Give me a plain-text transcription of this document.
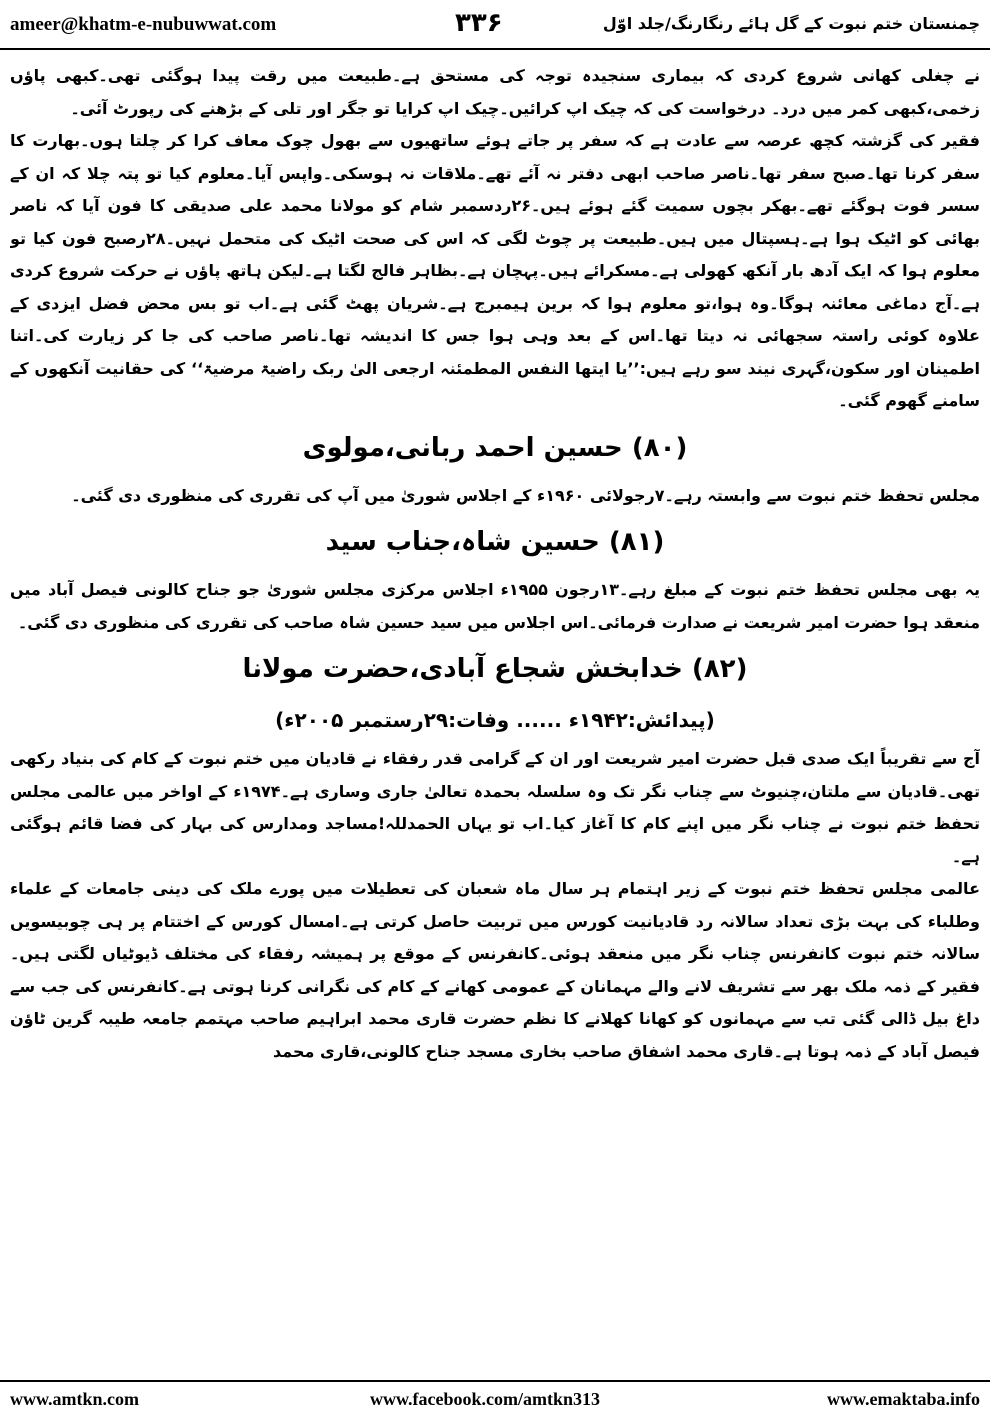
ameer@khatm-e-nubuwwat.com	۳۳۶	چمنستان ختم نبوت کے گل ہائے رنگارنگ/جلد اوّل

نے چغلی کھانی شروع کردی کہ بیماری سنجیدہ توجہ کی مستحق ہے۔طبیعت میں رقت پیدا ہوگئی تھی۔کبھی پاؤں زخمی،کبھی کمر میں درد۔ درخواست کی کہ چیک اپ کرائیں۔چیک اپ کرایا تو جگر اور تلی کے بڑھنے کی رپورٹ آئی۔

فقیر کی گزشتہ کچھ عرصہ سے عادت ہے کہ سفر پر جاتے ہوئے ساتھیوں سے بھول چوک معاف کرا کر چلتا ہوں۔بھارت کا سفر کرنا تھا۔صبح سفر تھا۔ناصر صاحب ابھی دفتر نہ آئے تھے۔ملاقات نہ ہوسکی۔واپس آیا۔معلوم کیا تو پتہ چلا کہ ان کے سسر فوت ہوگئے تھے۔بھکر بچوں سمیت گئے ہوئے ہیں۔۲۶ردسمبر شام کو مولانا محمد علی صدیقی کا فون آیا کہ ناصر بھائی کو اٹیک ہوا ہے۔ہسپتال میں ہیں۔طبیعت پر چوٹ لگی کہ اس کی صحت اٹیک کی متحمل نہیں۔۲۸رصبح فون کیا تو معلوم ہوا کہ ایک آدھ بار آنکھ کھولی ہے۔مسکرائے ہیں۔پہچان ہے۔بظاہر فالج لگتا ہے۔لیکن ہاتھ پاؤں نے حرکت شروع کردی ہے۔آج دماغی معائنہ ہوگا۔وہ ہوا،تو معلوم ہوا کہ برین ہیمبرج ہے۔شریان پھٹ گئی ہے۔اب تو بس محض فضل ایزدی کے علاوہ کوئی راستہ سجھائی نہ دیتا تھا۔اس کے بعد وہی ہوا جس کا اندیشہ تھا۔ناصر صاحب کی جا کر زیارت کی۔اتنا اطمینان اور سکون،گہری نیند سو رہے ہیں:’’یا ایتھا النفس المطمئنہ ارجعی الیٰ ربک راضیۃ مرضیۃ‘‘ کی حقانیت آنکھوں کے سامنے گھوم گئی۔

(۸۰) حسین احمد ربانی،مولوی

مجلس تحفظ ختم نبوت سے وابستہ رہے۔۷رجولائی ۱۹۶۰ء کے اجلاس شوریٰ میں آپ کی تقرری کی منظوری دی گئی۔

(۸۱) حسین شاہ،جناب سید

یہ بھی مجلس تحفظ ختم نبوت کے مبلغ رہے۔۱۳رجون ۱۹۵۵ء اجلاس مرکزی مجلس شوریٰ جو جناح کالونی فیصل آباد میں منعقد ہوا حضرت امیر شریعت نے صدارت فرمائی۔اس اجلاس میں سید حسین شاہ صاحب کی تقرری کی منظوری دی گئی۔

(۸۲) خدابخش شجاع آبادی،حضرت مولانا
(پیدائش:۱۹۴۲ء ...... وفات:۲۹رستمبر ۲۰۰۵ء)

آج سے تقریباً ایک صدی قبل حضرت امیر شریعت اور ان کے گرامی قدر رفقاء نے قادیان میں ختم نبوت کے کام کی بنیاد رکھی تھی۔قادیان سے ملتان،چنیوٹ سے چناب نگر تک وہ سلسلہ بحمدہ تعالیٰ جاری وساری ہے۔۱۹۷۴ء کے اواخر میں عالمی مجلس تحفظ ختم نبوت نے چناب نگر میں اپنے کام کا آغاز کیا۔اب تو یہاں الحمدللہ!مساجد ومدارس کی بہار کی فضا قائم ہوگئی ہے۔

عالمی مجلس تحفظ ختم نبوت کے زیر اہتمام ہر سال ماہ شعبان کی تعطیلات میں پورے ملک کی دینی جامعات کے علماء وطلباء کی بہت بڑی تعداد سالانہ رد قادیانیت کورس میں تربیت حاصل کرتی ہے۔امسال کورس کے اختتام پر ہی چوبیسویں سالانہ ختم نبوت کانفرنس چناب نگر میں منعقد ہوئی۔کانفرنس کے موقع پر ہمیشہ رفقاء کی مختلف ڈیوٹیاں لگتی ہیں۔فقیر کے ذمہ ملک بھر سے تشریف لانے والے مہمانان کے عمومی کھانے کے کام کی نگرانی کرنا ہوتی ہے۔کانفرنس کی جب سے داغ بیل ڈالی گئی تب سے مہمانوں کو کھانا کھلانے کا نظم حضرت قاری محمد ابراہیم صاحب مہتمم جامعہ طیبہ گرین ٹاؤن فیصل آباد کے ذمہ ہوتا ہے۔قاری محمد اشفاق صاحب بخاری مسجد جناح کالونی،قاری محمد

www.amtkn.com	www.facebook.com/amtkn313	www.emaktaba.info
